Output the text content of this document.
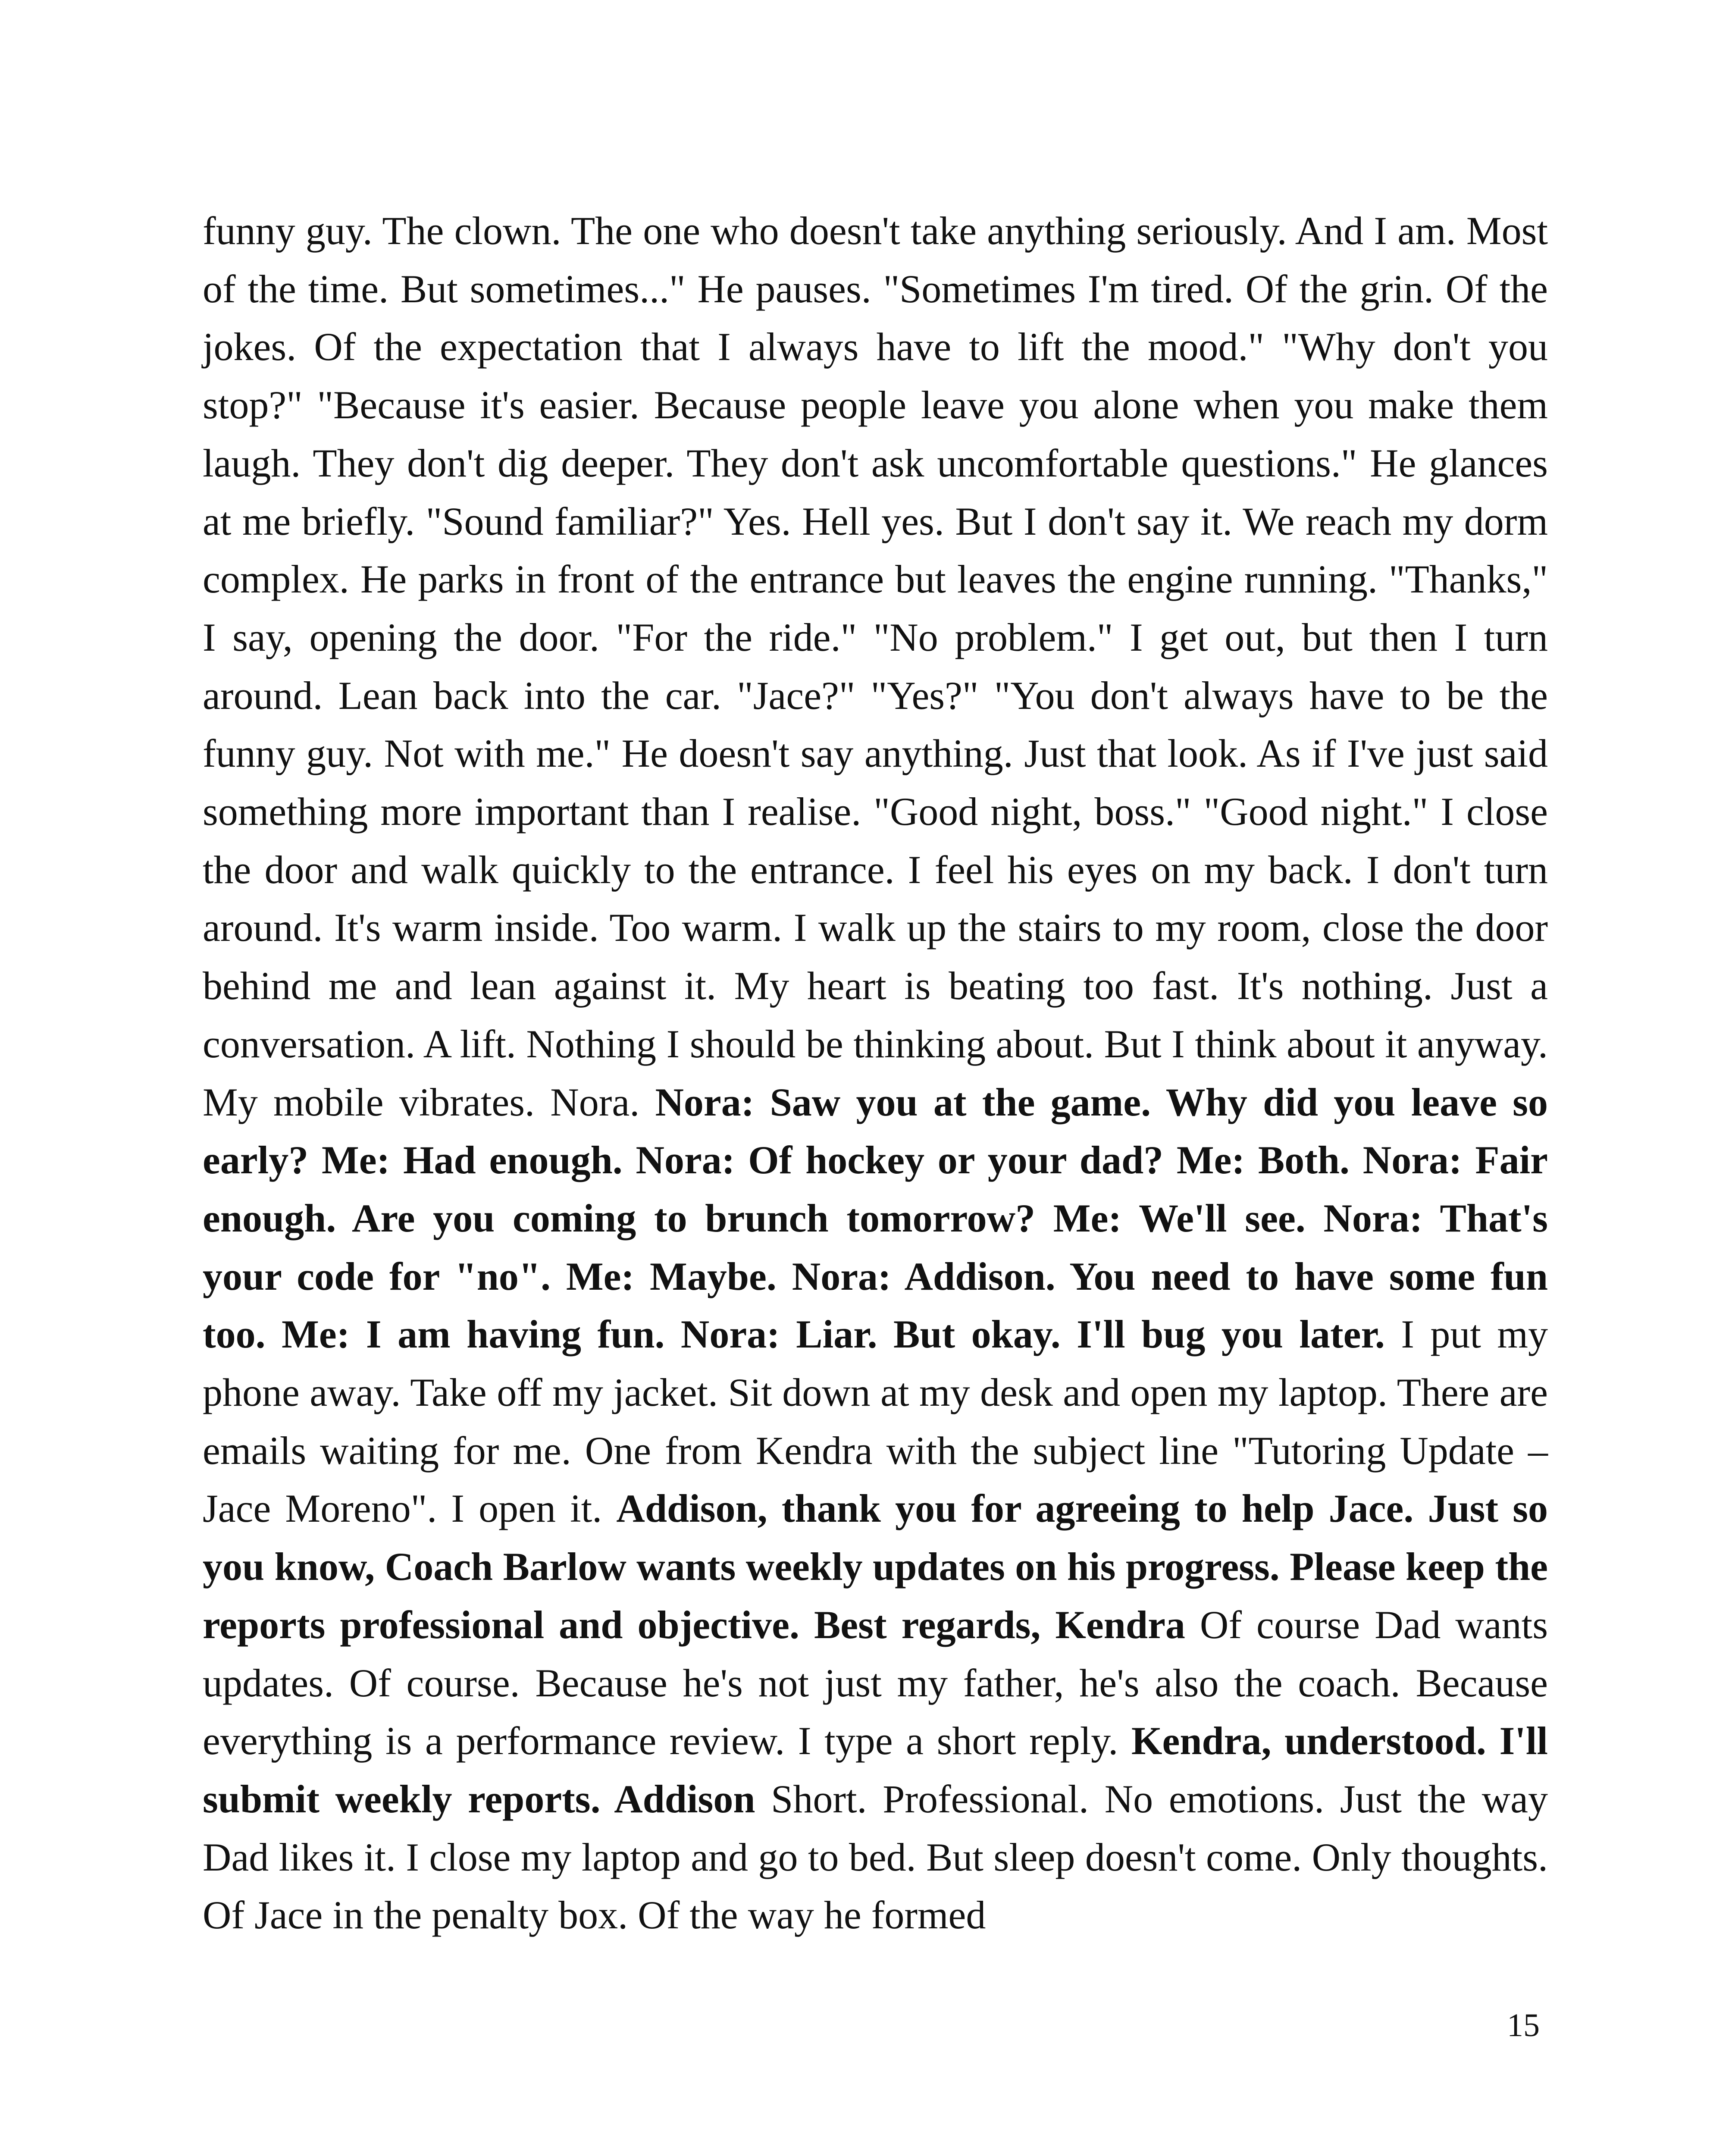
funny guy. The clown. The one who doesn't take anything seriously. And I am. Most of the time. But sometimes..." He pauses. "Sometimes I'm tired. Of the grin. Of the jokes. Of the expectation that I always have to lift the mood." "Why don't you stop?" "Because it's easier. Because people leave you alone when you make them laugh. They don't dig deeper. They don't ask uncomfortable questions." He glances at me briefly. "Sound familiar?" Yes. Hell yes. But I don't say it. We reach my dorm complex. He parks in front of the entrance but leaves the engine running. "Thanks," I say, opening the door. "For the ride." "No problem." I get out, but then I turn around. Lean back into the car. "Jace?" "Yes?" "You don't always have to be the funny guy. Not with me." He doesn't say anything. Just that look. As if I've just said something more important than I realise. "Good night, boss." "Good night." I close the door and walk quickly to the entrance. I feel his eyes on my back. I don't turn around. It's warm inside. Too warm. I walk up the stairs to my room, close the door behind me and lean against it. My heart is beating too fast. It's nothing. Just a conversation. A lift. Nothing I should be thinking about. But I think about it anyway. My mobile vibrates. Nora. Nora: Saw you at the game. Why did you leave so early? Me: Had enough. Nora: Of hockey or your dad? Me: Both. Nora: Fair enough. Are you coming to brunch tomorrow? Me: We'll see. Nora: That's your code for "no". Me: Maybe. Nora: Addison. You need to have some fun too. Me: I am having fun. Nora: Liar. But okay. I'll bug you later. I put my phone away. Take off my jacket. Sit down at my desk and open my laptop. There are emails waiting for me. One from Kendra with the subject line "Tutoring Update – Jace Moreno". I open it. Addison, thank you for agreeing to help Jace. Just so you know, Coach Barlow wants weekly updates on his progress. Please keep the reports professional and objective. Best regards, Kendra Of course Dad wants updates. Of course. Because he's not just my father, he's also the coach. Because everything is a performance review. I type a short reply. Kendra, understood. I'll submit weekly reports. Addison Short. Professional. No emotions. Just the way Dad likes it. I close my laptop and go to bed. But sleep doesn't come. Only thoughts. Of Jace in the penalty box. Of the way he formed

15
